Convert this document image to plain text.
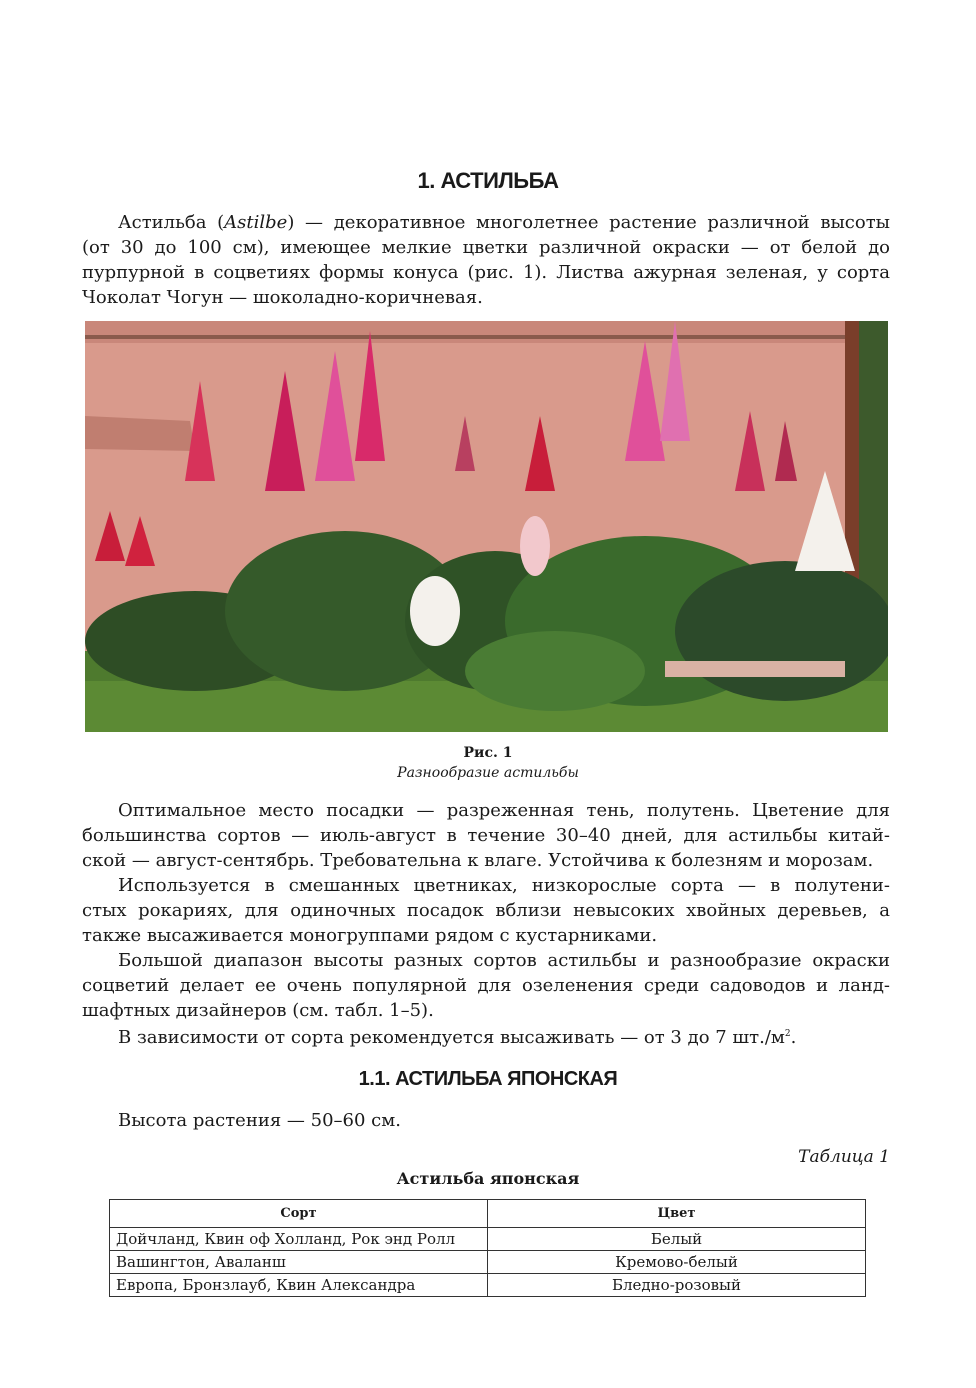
1. АСТИЛЬБА

Астильба (Astilbe) — декоративное многолетнее растение различной высоты
(от 30 до 100 см), имеющее мелкие цветки различной окраски — от белой до
пурпурной в соцветиях формы конуса (рис. 1). Листва ажурная зеленая, у сорта
Чоколат Чогун — шоколадно-коричневая.

Рис. 1
Разнообразие астильбы

Оптимальное место посадки — разреженная тень, полутень. Цветение для
большинства сортов — июль-август в течение 30–40 дней, для астильбы китай-
ской — август-сентябрь. Требовательна к влаге. Устойчива к болезням и морозам.

Используется в смешанных цветниках, низкорослые сорта — в полутени-
стых рокариях, для одиночных посадок вблизи невысоких хвойных деревьев, а
также высаживается моногруппами рядом с кустарниками.

Большой диапазон высоты разных сортов астильбы и разнообразие окраски
соцветий делает ее очень популярной для озеленения среди садоводов и ланд-
шафтных дизайнеров (см. табл. 1–5).

В зависимости от сорта рекомендуется высаживать — от 3 до 7 $шт./м^2$.

1.1. АСТИЛЬБА ЯПОНСКАЯ

Высота растения — 50–60 см.

Таблица 1
Астильба японская
Сорт	Цвет
Дойчланд, Квин оф Холланд, Рок энд Ролл	Белый
Вашингтон, Аваланш	Кремово-белый
Европа, Бронзлауб, Квин Александра	Бледно-розовый
